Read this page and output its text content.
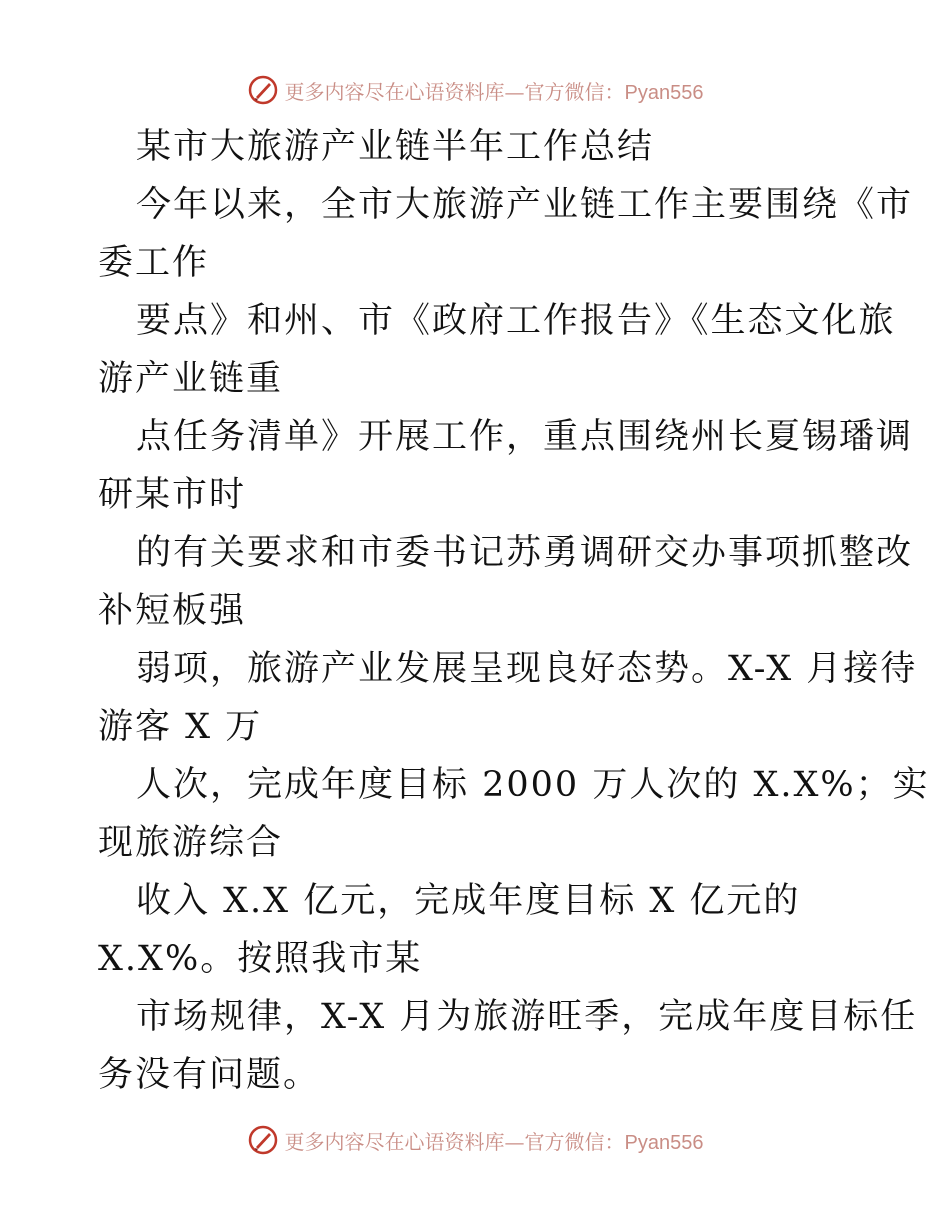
更多内容尽在心语资料库—官方微信：Pyan556
某市大旅游产业链半年工作总结
今年以来，全市大旅游产业链工作主要围绕《市
委工作
要点》和州、市《政府工作报告》《生态文化旅
游产业链重
点任务清单》开展工作，重点围绕州长夏锡璠调
研某市时
的有关要求和市委书记苏勇调研交办事项抓整改
补短板强
弱项，旅游产业发展呈现良好态势。X-X 月接待
游客 X 万
人次，完成年度目标 2000 万人次的 X.X%；实
现旅游综合
收入 X.X 亿元，完成年度目标 X 亿元的
X.X%。按照我市某
市场规律，X-X 月为旅游旺季，完成年度目标任
务没有问题。
更多内容尽在心语资料库—官方微信：Pyan556
